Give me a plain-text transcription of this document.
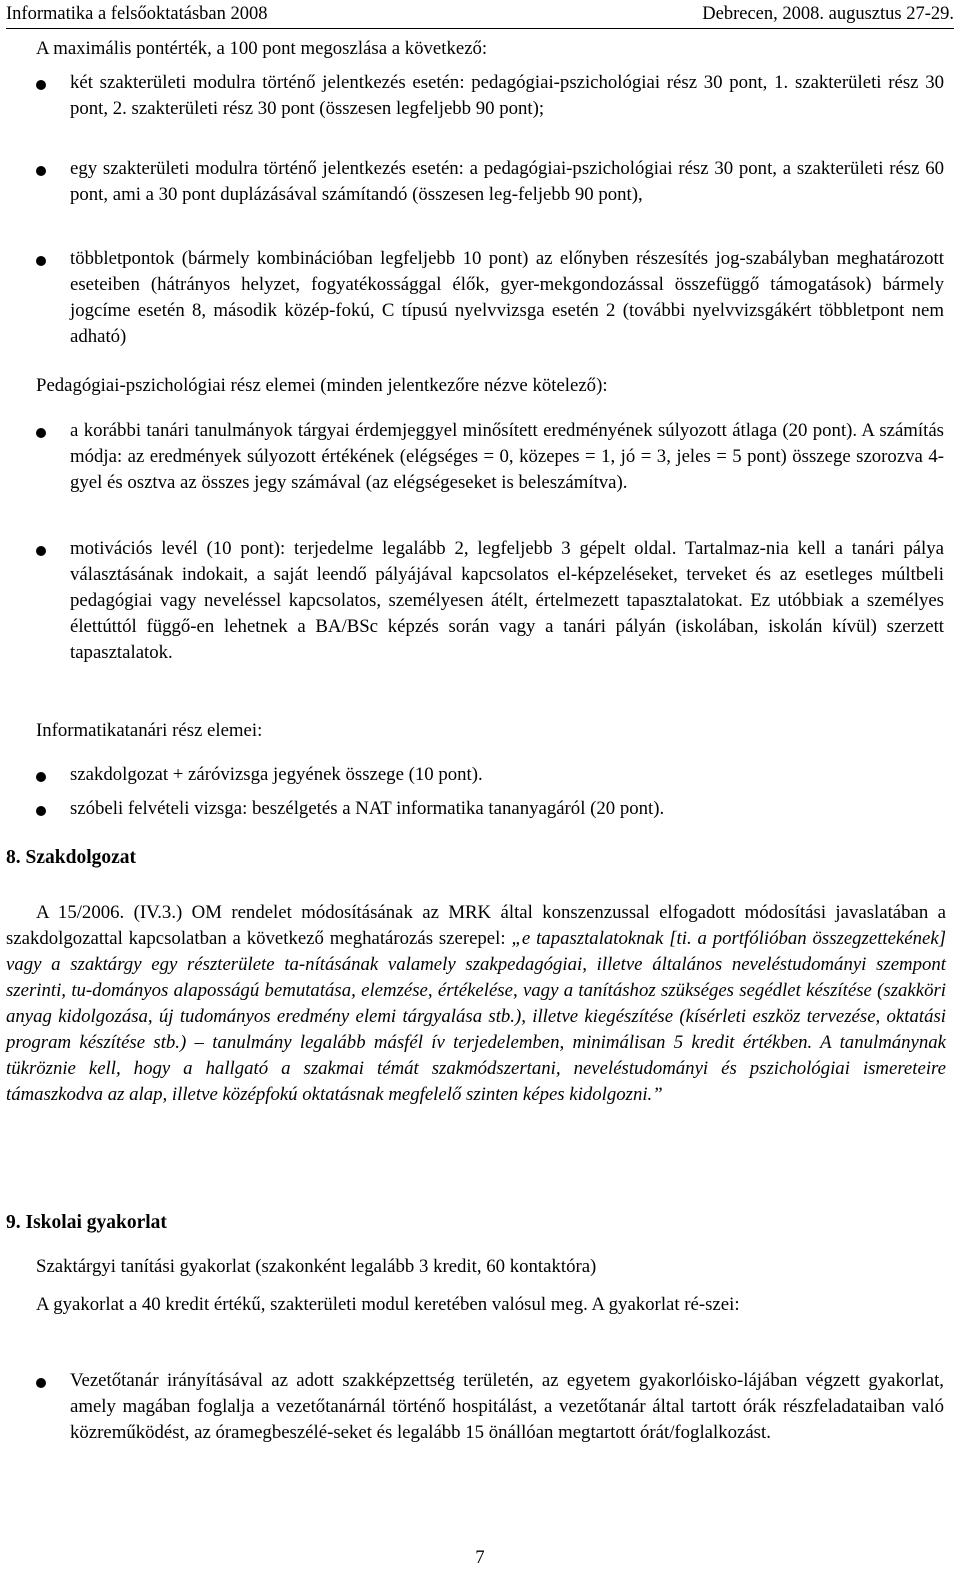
Informatika a felsőoktatásban 2008	Debrecen, 2008. augusztus 27-29.

A maximális pontérték, a 100 pont megoszlása a következő:

két szakterületi modulra történő jelentkezés esetén: pedagógiai-pszichológiai rész 30 pont, 1. szakterületi rész 30 pont, 2. szakterületi rész 30 pont (összesen legfeljebb 90 pont);

egy szakterületi modulra történő jelentkezés esetén: a pedagógiai-pszichológiai rész 30 pont, a szakterületi rész 60 pont, ami a 30 pont duplázásával számítandó (összesen leg-feljebb 90 pont),

többletpontok (bármely kombinációban legfeljebb 10 pont) az előnyben részesítés jog-szabályban meghatározott eseteiben (hátrányos helyzet, fogyatékossággal élők, gyer-mekgondozással összefüggő támogatások) bármely jogcíme esetén 8, második közép-fokú, C típusú nyelvvizsga esetén 2 (további nyelvvizsgákért többletpont nem adható)

Pedagógiai-pszichológiai rész elemei (minden jelentkezőre nézve kötelező):

a korábbi tanári tanulmányok tárgyai érdemjeggyel minősített eredményének súlyozott átlaga (20 pont). A számítás módja: az eredmények súlyozott értékének (elégséges = 0, közepes = 1, jó = 3, jeles = 5 pont) összege szorozva 4-gyel és osztva az összes jegy számával (az elégségeseket is beleszámítva).

motivációs levél (10 pont): terjedelme legalább 2, legfeljebb 3 gépelt oldal. Tartalmaz-nia kell a tanári pálya választásának indokait, a saját leendő pályájával kapcsolatos el-képzeléseket, terveket és az esetleges múltbeli pedagógiai vagy neveléssel kapcsolatos, személyesen átélt, értelmezett tapasztalatokat. Ez utóbbiak a személyes élettúttól függő-en lehetnek a BA/BSc képzés során vagy a tanári pályán (iskolában, iskolán kívül) szerzett tapasztalatok.

Informatikatanári rész elemei:

szakdolgozat + záróvizsga jegyének összege (10 pont).

szóbeli felvételi vizsga: beszélgetés a NAT informatika tananyagáról (20 pont).

8. Szakdolgozat

A 15/2006. (IV.3.) OM rendelet módosításának az MRK által konszenzussal elfogadott módosítási javaslatában a szakdolgozattal kapcsolatban a következő meghatározás szerepel: „e tapasztalatoknak [ti. a portfólióban összegzettekének] vagy a szaktárgy egy részterülete ta-nításának valamely szakpedagógiai, illetve általános neveléstudományi szempont szerinti, tu-dományos alaposságú bemutatása, elemzése, értékelése, vagy a tanításhoz szükséges segédlet készítése (szakköri anyag kidolgozása, új tudományos eredmény elemi tárgyalása stb.), illetve kiegészítése (kísérleti eszköz tervezése, oktatási program készítése stb.) – tanulmány legalább másfél ív terjedelemben, minimálisan 5 kredit értékben. A tanulmánynak tükröznie kell, hogy a hallgató a szakmai témát szakmódszertani, neveléstudományi és pszichológiai ismereteire támaszkodva az alap, illetve középfokú oktatásnak megfelelő szinten képes kidolgozni.”

9. Iskolai gyakorlat

Szaktárgyi tanítási gyakorlat (szakonként legalább 3 kredit, 60 kontaktóra)

A gyakorlat a 40 kredit értékű, szakterületi modul keretében valósul meg. A gyakorlat ré-szei:

Vezetőtanár irányításával az adott szakképzettség területén, az egyetem gyakorlóisko-lájában végzett gyakorlat, amely magában foglalja a vezetőtanárnál történő hospitálást, a vezetőtanár által tartott órák részfeladataiban való közreműködést, az óramegbeszélé-seket és legalább 15 önállóan megtartott órát/foglalkozást.

7
